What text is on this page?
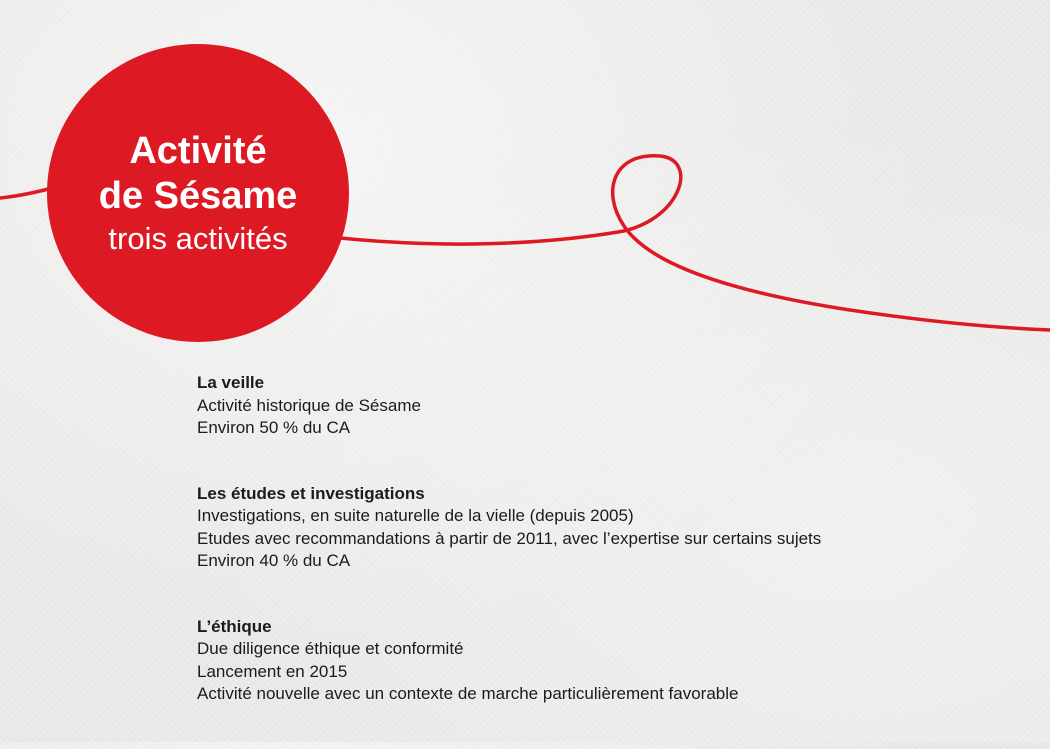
Activité
de Sésame
trois activités
La veille

Activité historique de Sésame

Environ 50 % du CA

Les études et investigations

Investigations, en suite naturelle de la vielle (depuis 2005)

Etudes avec recommandations à partir de 2011, avec l’expertise sur certains sujets

Environ 40 % du CA

L’éthique

Due diligence éthique et conformité

Lancement en 2015

Activité nouvelle avec un contexte de marche particulièrement favorable
